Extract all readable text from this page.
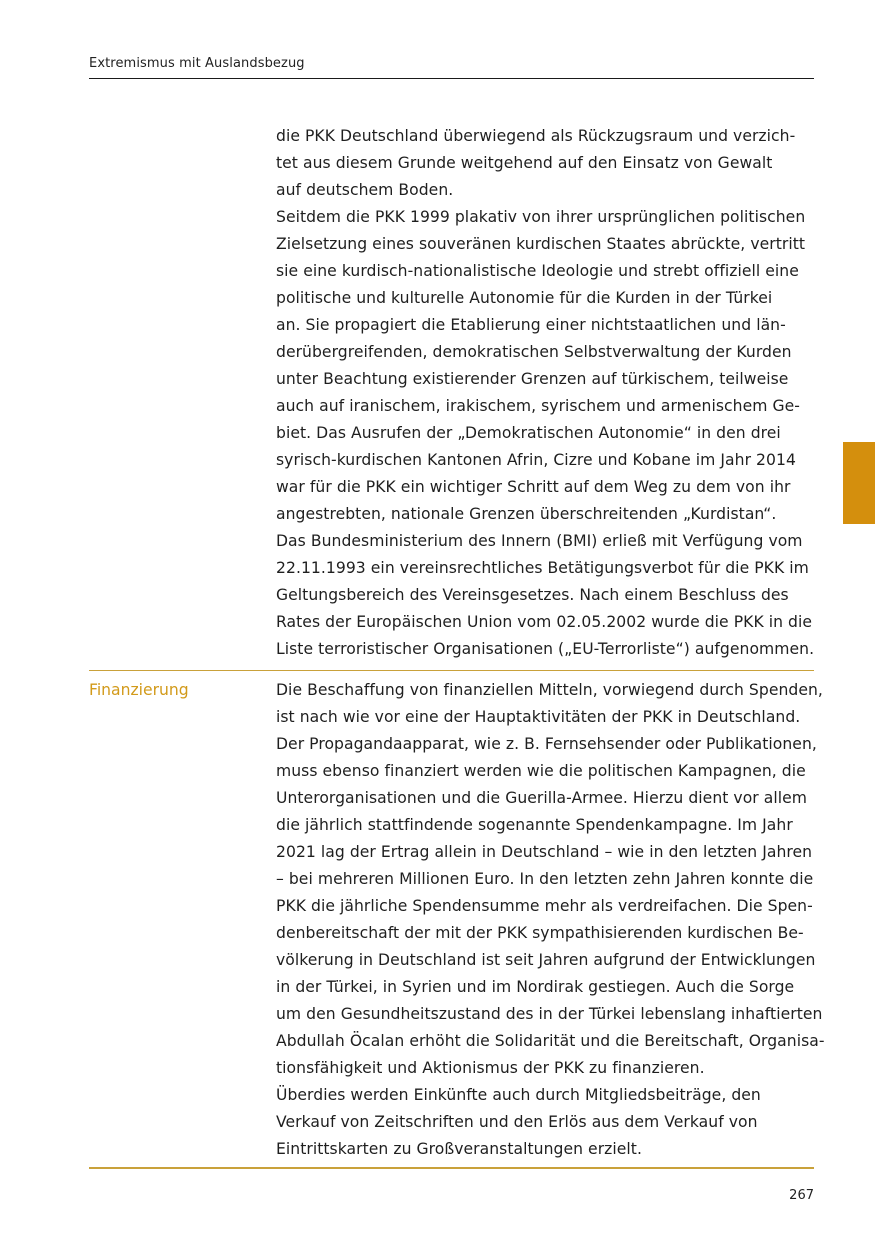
Extremismus mit Auslandsbezug
die PKK Deutschland überwiegend als Rückzugsraum und verzich-
tet aus diesem Grunde weitgehend auf den Einsatz von Gewalt
auf deutschem Boden.
Seitdem die PKK 1999 plakativ von ihrer ursprünglichen politischen
Zielsetzung eines souveränen kurdischen Staates abrückte, vertritt
sie eine kurdisch-nationalistische Ideologie und strebt offiziell eine
politische und kulturelle Autonomie für die Kurden in der Türkei
an. Sie propagiert die Etablierung einer nichtstaatlichen und län-
derübergreifenden, demokratischen Selbstverwaltung der Kurden
unter Beachtung existierender Grenzen auf türkischem, teilweise
auch auf iranischem, irakischem, syrischem und armenischem Ge-
biet. Das Ausrufen der „Demokratischen Autonomie“ in den drei
syrisch-kurdischen Kantonen Afrin, Cizre und Kobane im Jahr 2014
war für die PKK ein wichtiger Schritt auf dem Weg zu dem von ihr
angestrebten, nationale Grenzen überschreitenden „Kurdistan“.
Das Bundesministerium des Innern (BMI) erließ mit Verfügung vom
22.11.1993 ein vereinsrechtliches Betätigungsverbot für die PKK im
Geltungsbereich des Vereinsgesetzes. Nach einem Beschluss des
Rates der Europäischen Union vom 02.05.2002 wurde die PKK in die
Liste terroristischer Organisationen („EU-Terrorliste“) aufgenommen.
Finanzierung	Die Beschaffung von finanziellen Mitteln, vorwiegend durch Spenden,
ist nach wie vor eine der Hauptaktivitäten der PKK in Deutschland.
Der Propagandaapparat, wie z. B. Fernsehsender oder Publikationen,
muss ebenso finanziert werden wie die politischen Kampagnen, die
Unterorganisationen und die Guerilla-Armee. Hierzu dient vor allem
die jährlich stattfindende sogenannte Spendenkampagne. Im Jahr
2021 lag der Ertrag allein in Deutschland – wie in den letzten Jahren
– bei mehreren Millionen Euro. In den letzten zehn Jahren konnte die
PKK die jährliche Spendensumme mehr als verdreifachen. Die Spen-
denbereitschaft der mit der PKK sympathisierenden kurdischen Be-
völkerung in Deutschland ist seit Jahren aufgrund der Entwicklungen
in der Türkei, in Syrien und im Nordirak gestiegen. Auch die Sorge
um den Gesundheitszustand des in der Türkei lebenslang inhaftierten
Abdullah Öcalan erhöht die Solidarität und die Bereitschaft, Organisa-
tionsfähigkeit und Aktionismus der PKK zu finanzieren.
Überdies werden Einkünfte auch durch Mitgliedsbeiträge, den
Verkauf von Zeitschriften und den Erlös aus dem Verkauf von
Eintrittskarten zu Großveranstaltungen erzielt.
267
